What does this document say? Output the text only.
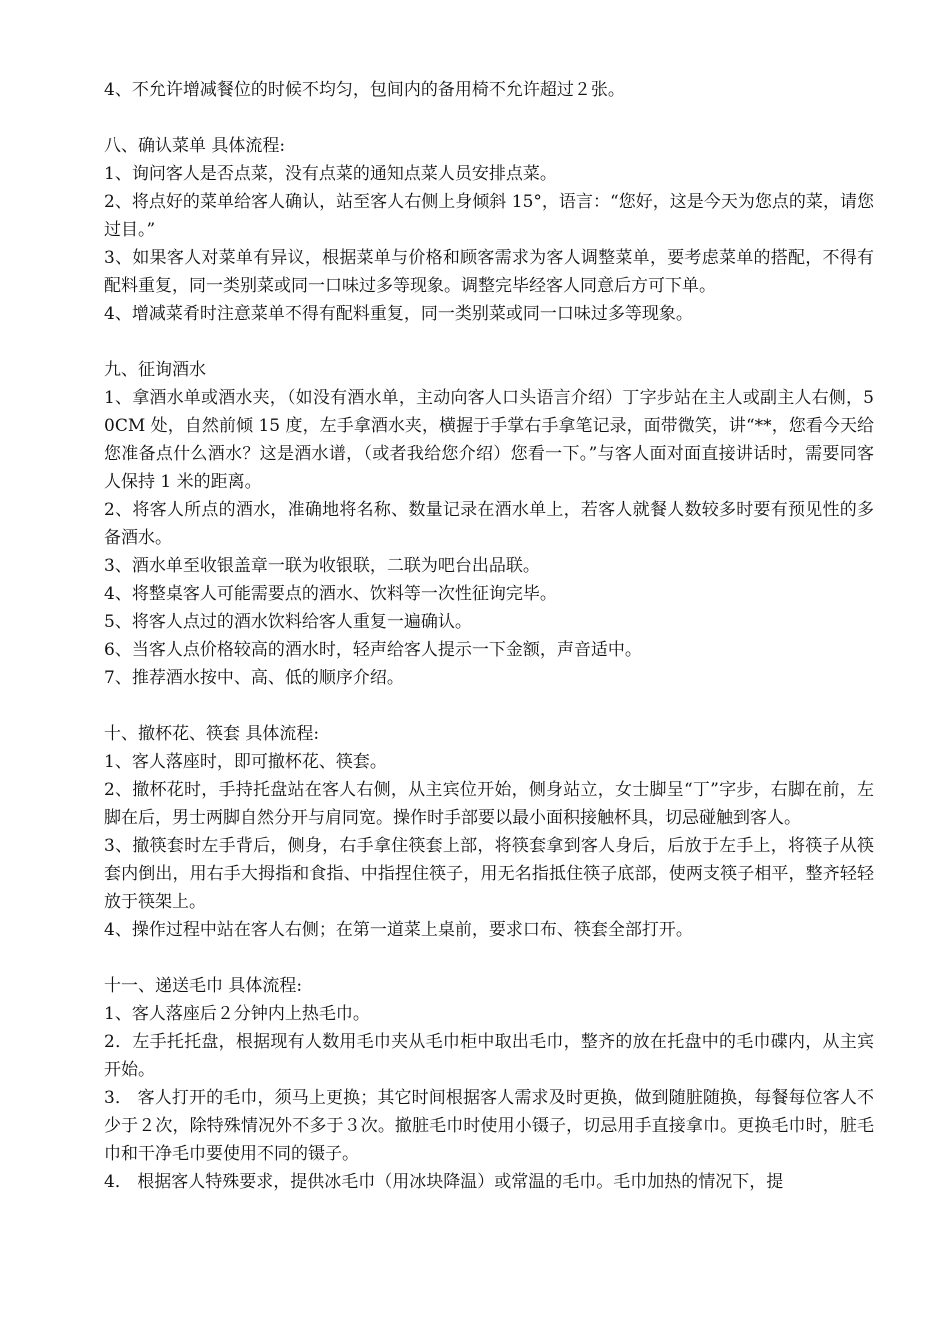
4、不允许增减餐位的时候不均匀，包间内的备用椅不允许超过２张。

八、确认菜单 具体流程:

1、询问客人是否点菜，没有点菜的通知点菜人员安排点菜。

2、将点好的菜单给客人确认，站至客人右侧上身倾斜 15°，语言：“您好，这是今天为您点的菜，请您过目。”

3、如果客人对菜单有异议，根据菜单与价格和顾客需求为客人调整菜单，要考虑菜单的搭配，不得有配料重复，同一类别菜或同一口味过多等现象。调整完毕经客人同意后方可下单。

4、增减菜肴时注意菜单不得有配料重复，同一类别菜或同一口味过多等现象。

九、征询酒水

1、拿酒水单或酒水夹，（如没有酒水单，主动向客人口头语言介绍）丁字步站在主人或副主人右侧，50CM 处，自然前倾 15 度，左手拿酒水夹，横握于手掌右手拿笔记录，面带微笑，讲“**，您看今天给您准备点什么酒水？这是酒水谱，（或者我给您介绍）您看一下。”与客人面对面直接讲话时，需要同客人保持 1 米的距离。

2、将客人所点的酒水，准确地将名称、数量记录在酒水单上，若客人就餐人数较多时要有预见性的多备酒水。

3、酒水单至收银盖章一联为收银联，二联为吧台出品联。

4、将整桌客人可能需要点的酒水、饮料等一次性征询完毕。

5、将客人点过的酒水饮料给客人重复一遍确认。

6、当客人点价格较高的酒水时，轻声给客人提示一下金额，声音适中。

7、推荐酒水按中、高、低的顺序介绍。

十、撤杯花、筷套 具体流程:

1、客人落座时，即可撤杯花、筷套。

2、撤杯花时，手持托盘站在客人右侧，从主宾位开始，侧身站立，女士脚呈“丁”字步，右脚在前，左脚在后，男士两脚自然分开与肩同宽。操作时手部要以最小面积接触杯具，切忌碰触到客人。

3、撤筷套时左手背后，侧身，右手拿住筷套上部，将筷套拿到客人身后，后放于左手上，将筷子从筷套内倒出，用右手大拇指和食指、中指捏住筷子，用无名指抵住筷子底部，使两支筷子相平，整齐轻轻放于筷架上。

4、操作过程中站在客人右侧；在第一道菜上桌前，要求口布、筷套全部打开。

十一、递送毛巾 具体流程:

1、客人落座后２分钟内上热毛巾。

2．左手托托盘，根据现有人数用毛巾夹从毛巾柜中取出毛巾，整齐的放在托盘中的毛巾碟内，从主宾开始。

3． 客人打开的毛巾，须马上更换；其它时间根据客人需求及时更换，做到随脏随换，每餐每位客人不少于２次，除特殊情况外不多于３次。撤脏毛巾时使用小镊子，切忌用手直接拿巾。更换毛巾时，脏毛巾和干净毛巾要使用不同的镊子。

4． 根据客人特殊要求，提供冰毛巾（用冰块降温）或常温的毛巾。毛巾加热的情况下，提
